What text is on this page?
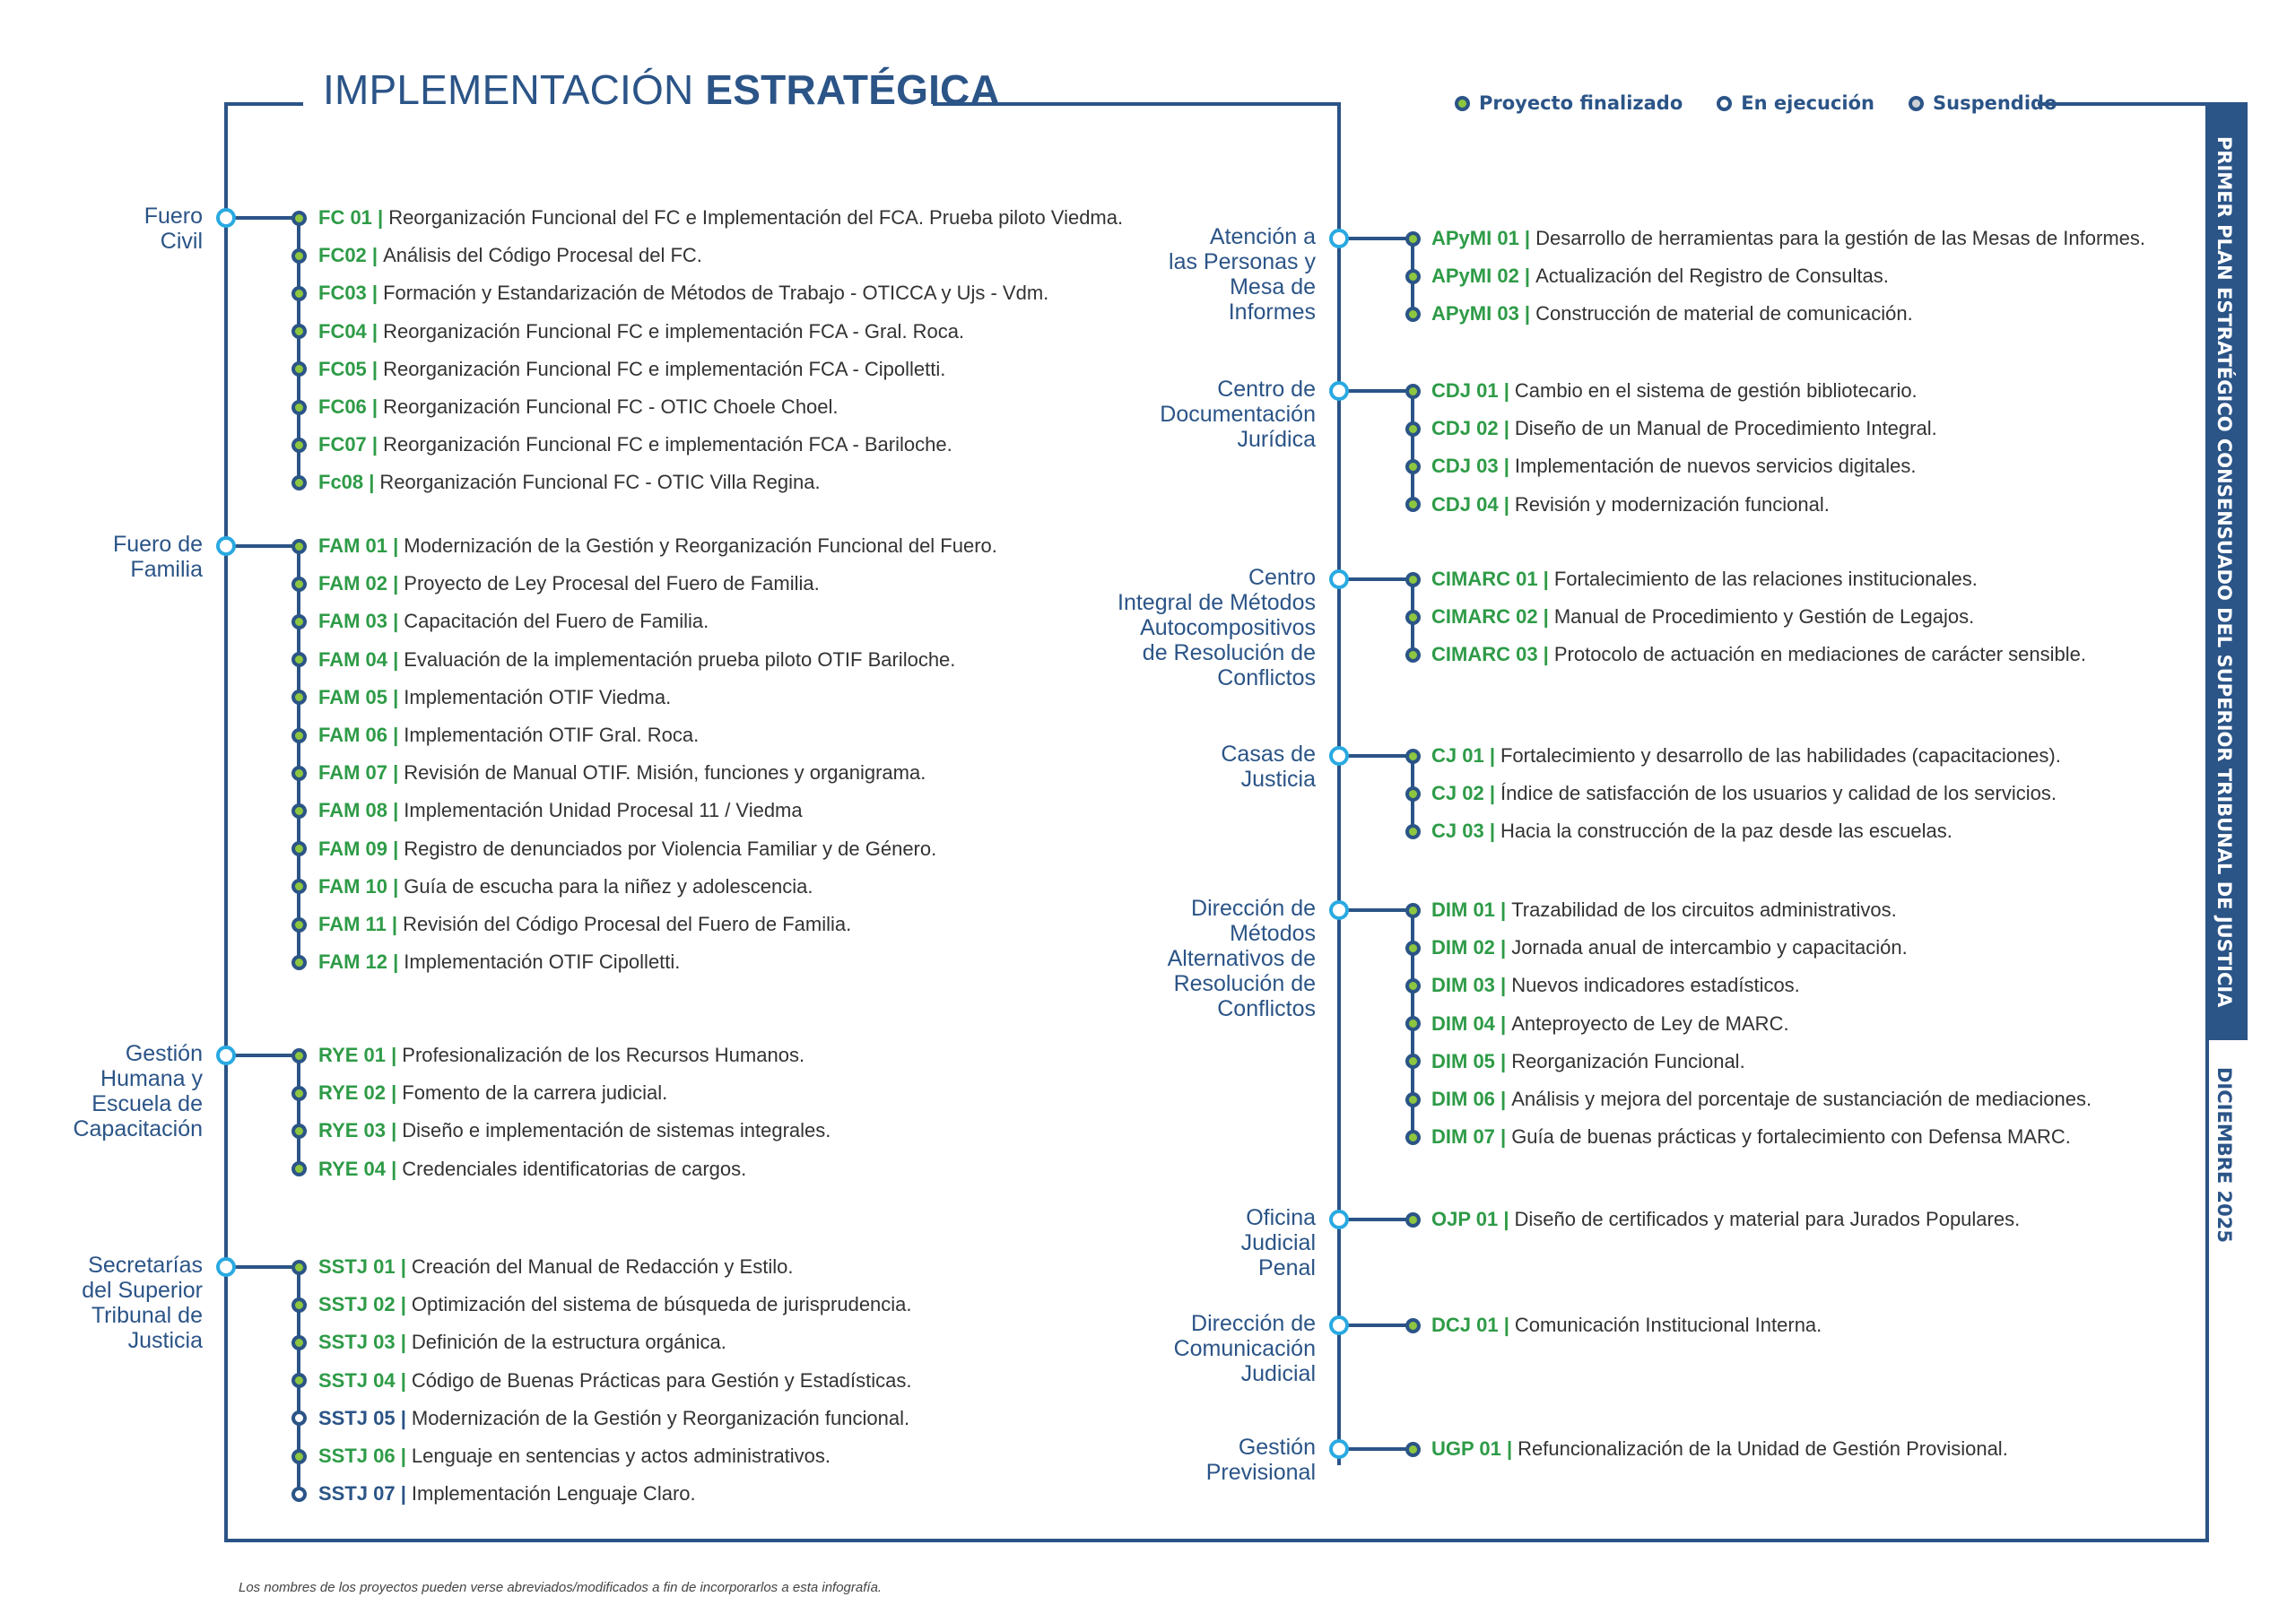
IMPLEMENTACIÓN ESTRATÉGICA	Proyecto finalizado	En ejecución	Suspendido
PRIMER PLAN ESTRATÉGICO CONSENSUADO DEL SUPERIOR TRIBUNAL DE JUSTICIA
DICIEMBRE 2025
Fuero
Civil
FC 01 | Reorganización Funcional del FC e Implementación del FCA. Prueba piloto Viedma.
FC02 | Análisis del Código Procesal del FC.
FC03 | Formación y Estandarización de Métodos de Trabajo - OTICCA y Ujs - Vdm.
FC04 | Reorganización Funcional FC e implementación FCA - Gral. Roca.
FC05 | Reorganización Funcional FC e implementación FCA - Cipolletti.
FC06 | Reorganización Funcional FC - OTIC Choele Choel.
FC07 | Reorganización Funcional FC e implementación FCA - Bariloche.
Fc08 | Reorganización Funcional FC - OTIC Villa Regina.
Fuero de
Familia
FAM 01 | Modernización de la Gestión y Reorganización Funcional del Fuero.
FAM 02 | Proyecto de Ley Procesal del Fuero de Familia.
FAM 03 | Capacitación del Fuero de Familia.
FAM 04 | Evaluación de la implementación prueba piloto OTIF Bariloche.
FAM 05 | Implementación OTIF Viedma.
FAM 06 | Implementación OTIF Gral. Roca.
FAM 07 | Revisión de Manual OTIF. Misión, funciones y organigrama.
FAM 08 | Implementación Unidad Procesal 11 / Viedma
FAM 09 | Registro de denunciados por Violencia Familiar y de Género.
FAM 10 | Guía de escucha para la niñez y adolescencia.
FAM 11 | Revisión del Código Procesal del Fuero de Familia.
FAM 12 | Implementación OTIF Cipolletti.
Gestión
Humana y
Escuela de
Capacitación
RYE 01 | Profesionalización de los Recursos Humanos.
RYE 02 | Fomento de la carrera judicial.
RYE 03 | Diseño e implementación de sistemas integrales.
RYE 04 | Credenciales identificatorias de cargos.
Secretarías
del Superior
Tribunal de
Justicia
SSTJ 01 | Creación del Manual de Redacción y Estilo.
SSTJ 02 | Optimización del sistema de búsqueda de jurisprudencia.
SSTJ 03 | Definición de la estructura orgánica.
SSTJ 04 | Código de Buenas Prácticas para Gestión y Estadísticas.
SSTJ 05 | Modernización de la Gestión y Reorganización funcional.
SSTJ 06 | Lenguaje en sentencias y actos administrativos.
SSTJ 07 | Implementación Lenguaje Claro.
Atención a
las Personas y
Mesa de
Informes
APyMI 01 | Desarrollo de herramientas para la gestión de las Mesas de Informes.
APyMI 02 | Actualización del Registro de Consultas.
APyMI 03 | Construcción de material de comunicación.
Centro de
Documentación
Jurídica
CDJ 01 | Cambio en el sistema de gestión bibliotecario.
CDJ 02 | Diseño de un Manual de Procedimiento Integral.
CDJ 03 | Implementación de nuevos servicios digitales.
CDJ 04 | Revisión y modernización funcional.
Centro
Integral de Métodos
Autocompositivos
de Resolución de
Conflictos
CIMARC 01 | Fortalecimiento de las relaciones institucionales.
CIMARC 02 | Manual de Procedimiento y Gestión de Legajos.
CIMARC 03 | Protocolo de actuación en mediaciones de carácter sensible.
Casas de
Justicia
CJ 01 | Fortalecimiento y desarrollo de las habilidades (capacitaciones).
CJ 02 | Índice de satisfacción de los usuarios y calidad de los servicios.
CJ 03 | Hacia la construcción de la paz desde las escuelas.
Dirección de
Métodos
Alternativos de
Resolución de
Conflictos
DIM 01 | Trazabilidad de los circuitos administrativos.
DIM 02 | Jornada anual de intercambio y capacitación.
DIM 03 | Nuevos indicadores estadísticos.
DIM 04 | Anteproyecto de Ley de MARC.
DIM 05 | Reorganización Funcional.
DIM 06 | Análisis y mejora del porcentaje de sustanciación de mediaciones.
DIM 07 | Guía de buenas prácticas y fortalecimiento con Defensa MARC.
Oficina
Judicial
Penal
OJP 01 | Diseño de certificados y material para Jurados Populares.
Dirección de
Comunicación
Judicial
DCJ 01 | Comunicación Institucional Interna.
Gestión
Previsional
UGP 01 | Refuncionalización de la Unidad de Gestión Provisional.
Los nombres de los proyectos pueden verse abreviados/modificados a fin de incorporarlos a esta infografía.
